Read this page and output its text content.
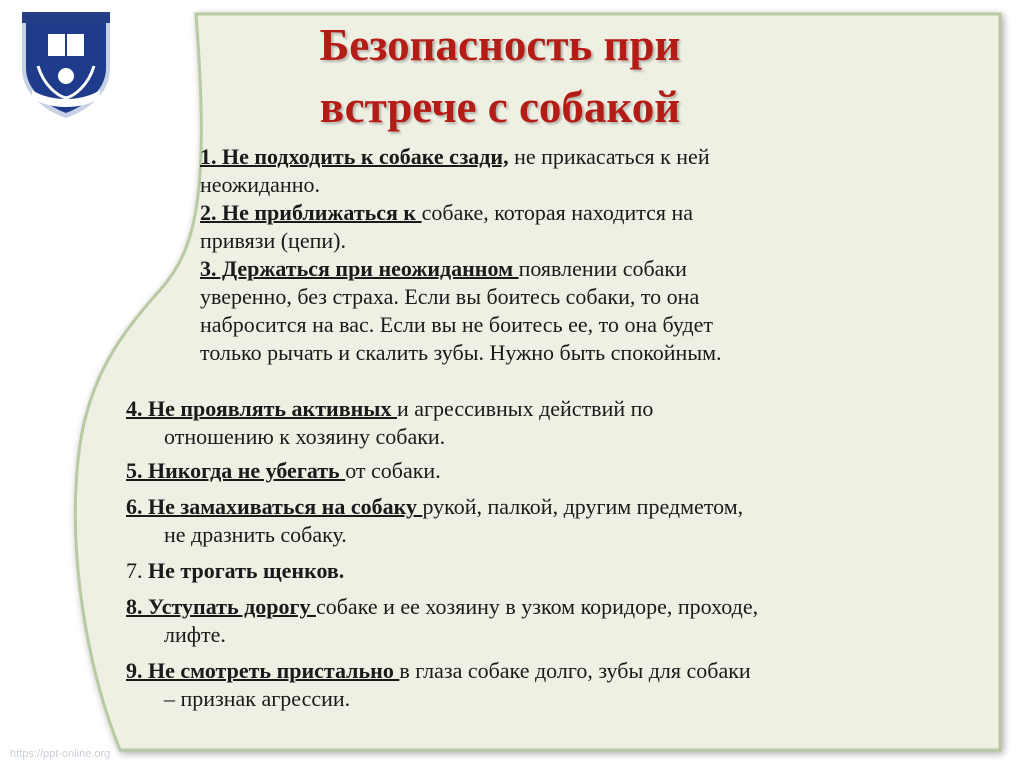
Безопасность при
встрече с собакой
1. Не подходить к собаке сзади, не прикасаться к ней
неожиданно.
2. Не приближаться к собаке, которая находится на
привязи (цепи).
3. Держаться при неожиданном появлении собаки
уверенно, без страха. Если вы боитесь собаки, то она
набросится на вас. Если вы не боитесь ее, то она будет
только рычать и скалить зубы. Нужно быть спокойным.
4. Не проявлять активных и агрессивных действий по
отношению к хозяину собаки.
5. Никогда не убегать от собаки.
6. Не замахиваться на собаку рукой, палкой, другим предметом,
не дразнить собаку.
7. Не трогать щенков.
8. Уступать дорогу собаке и ее хозяину в узком коридоре, проходе,
лифте.
9. Не смотреть пристально в глаза собаке долго, зубы для собаки
– признак агрессии.
https://ppt-online.org
